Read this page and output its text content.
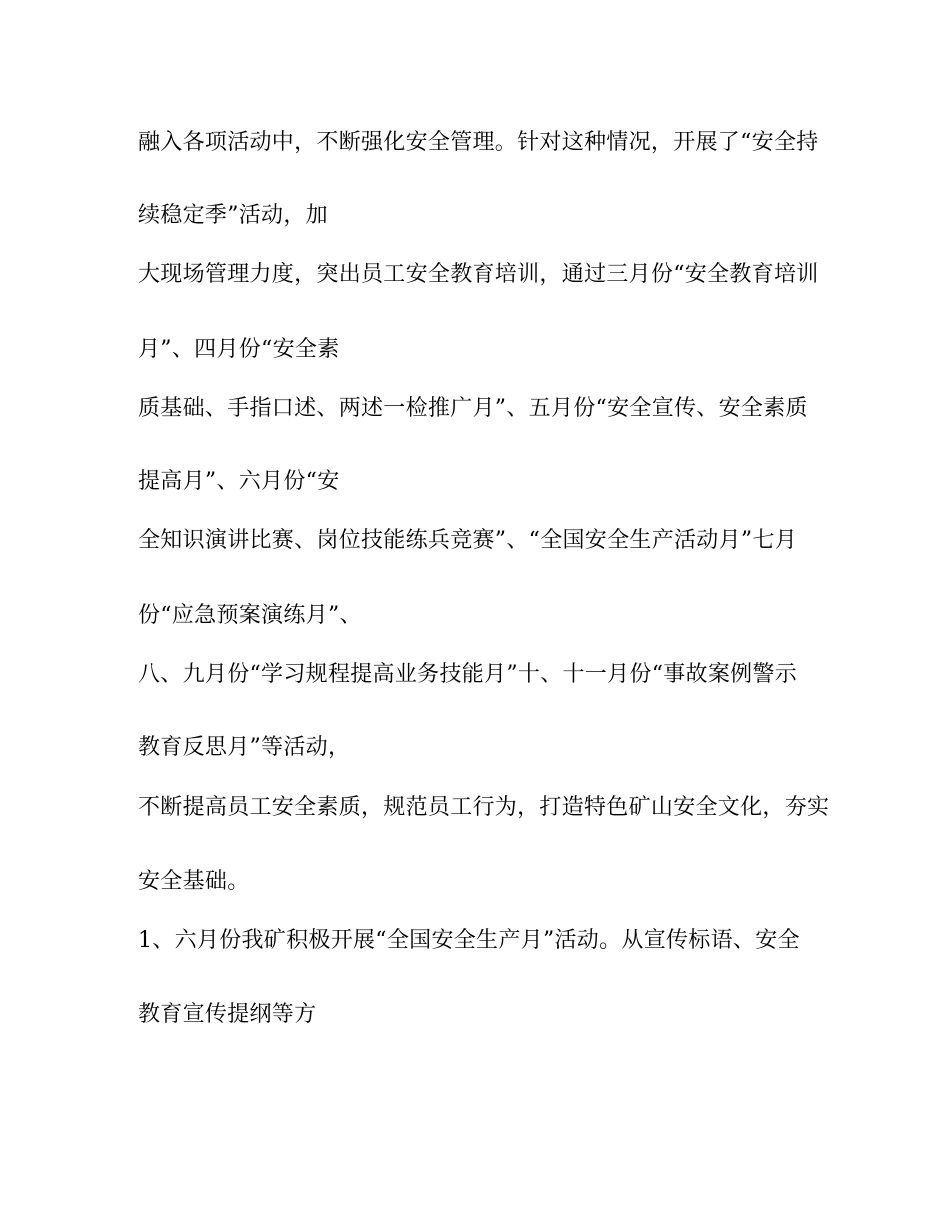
融入各项活动中，不断强化安全管理。针对这种情况，开展了“安全持
续稳定季”活动，加
大现场管理力度，突出员工安全教育培训，通过三月份“安全教育培训
月”、四月份“安全素
质基础、手指口述、两述一检推广月”、五月份“安全宣传、安全素质
提高月”、六月份“安
全知识演讲比赛、岗位技能练兵竞赛”、“全国安全生产活动月”七月
份“应急预案演练月”、
八、九月份“学习规程提高业务技能月”十、十一月份“事故案例警示
教育反思月”等活动，
不断提高员工安全素质，规范员工行为，打造特色矿山安全文化，夯实
安全基础。
1、六月份我矿积极开展“全国安全生产月”活动。从宣传标语、安全
教育宣传提纲等方
